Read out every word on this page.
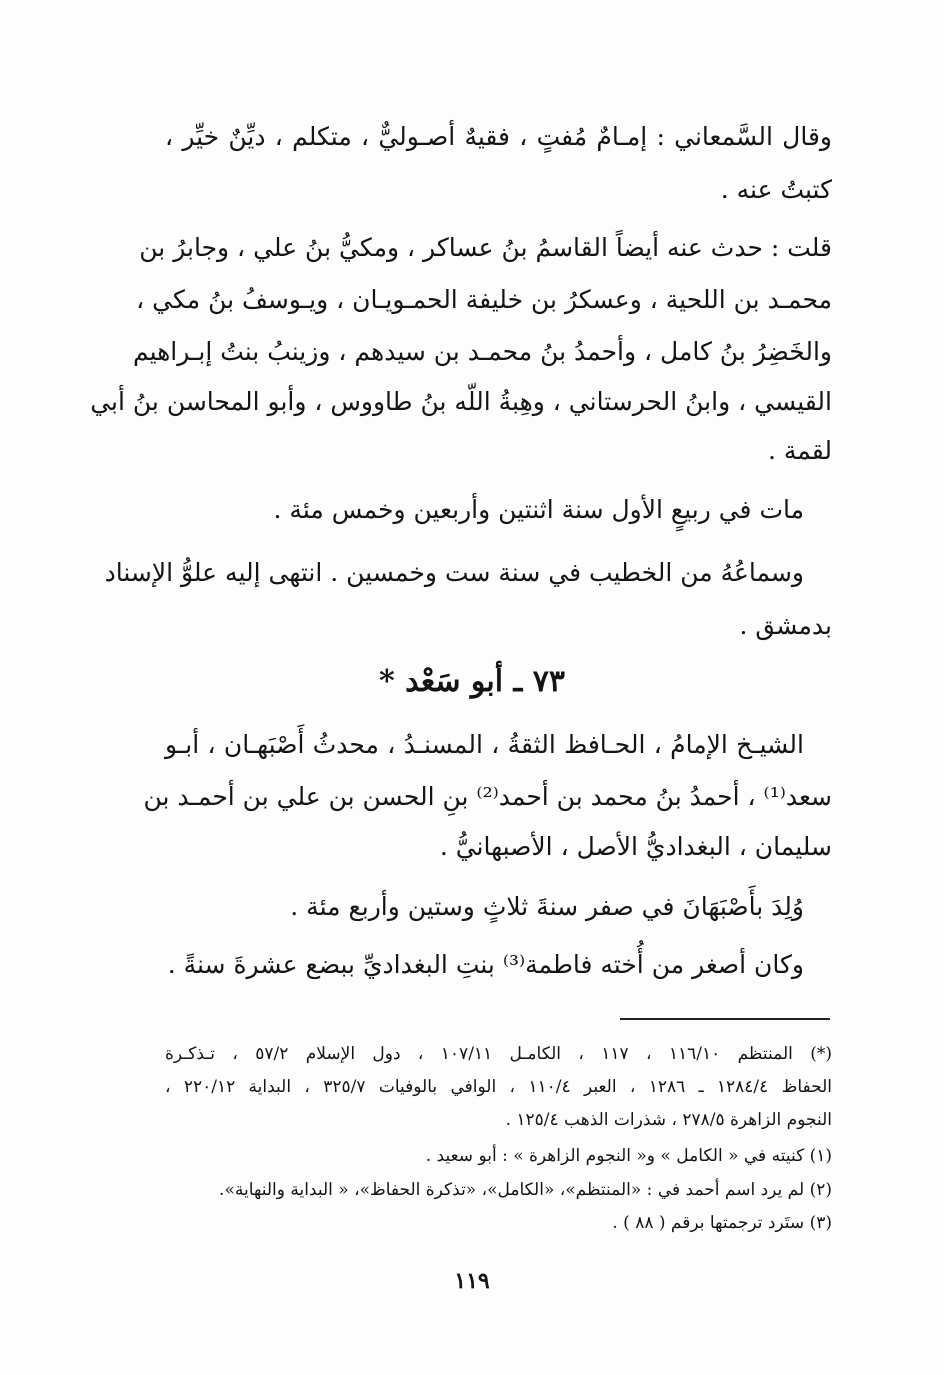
وقال السَّمعاني : إمـامٌ مُفتٍ ، فقيهٌ أصـوليٌّ ، متكلم ، ديِّنٌ خيِّر ،
كتبتُ عنه .
قلت : حدث عنه أيضاً القاسمُ بنُ عساكر ، ومكيُّ بنُ علي ، وجابرُ بن
محمـد بن اللحية ، وعسكرُ بن خليفة الحمـويـان ، ويـوسفُ بنُ مكي ،
والخَضِرُ بنُ كامل ، وأحمدُ بنُ محمـد بن سيدهم ، وزينبُ بنتُ إبـراهيم
القيسي ، وابنُ الحرستاني ، وهِبةُ اللّه بنُ طاووس ، وأبو المحاسن بنُ أبي
لقمة .
مات في ربيعٍ الأول سنة اثنتين وأربعين وخمس مئة .
وسماعُهُ من الخطيب في سنة ست وخمسين . انتهى إليه علوُّ الإسناد
بدمشق .
٧٣ ـ أبو سَعْد *
الشيـخ الإمامُ ، الحـافظ الثقةُ ، المسنـدُ ، محدثُ أَصْبَهـان ، أبـو
سعد⁽¹⁾ ، أحمدُ بنُ محمد بن أحمد⁽²⁾ بنِ الحسن بن علي بن أحمـد بن
سليمان ، البغداديُّ الأصل ، الأصبهانيُّ .
وُلِدَ بأَصْبَهَانَ في صفر سنةَ ثلاثٍ وستين وأربع مئة .
وكان أصغر من أُخته فاطمة⁽³⁾ بنتِ البغداديِّ ببضع عشرةَ سنةً .
(*) المنتظم ١١٦/١٠ ، ١١٧ ، الكامـل ١٠٧/١١ ، دول الإسلام ٥٧/٢ ، تـذكـرة
الحفاظ ١٢٨٤/٤ ـ ١٢٨٦ ، العبر ١١٠/٤ ، الوافي بالوفيات ٣٢٥/٧ ، البداية ٢٢٠/١٢ ،
النجوم الزاهرة ٢٧٨/٥ ، شذرات الذهب ١٢٥/٤ .
(١) كنيته في « الكامل » و« النجوم الزاهرة » : أبو سعيد .
(٢) لم يرد اسم أحمد في : «المنتظم»، «الكامل»، «تذكرة الحفاظ»، « البداية والنهاية».
(٣) ستَرد ترجمتها برقم ( ٨٨ ) .
١١٩
